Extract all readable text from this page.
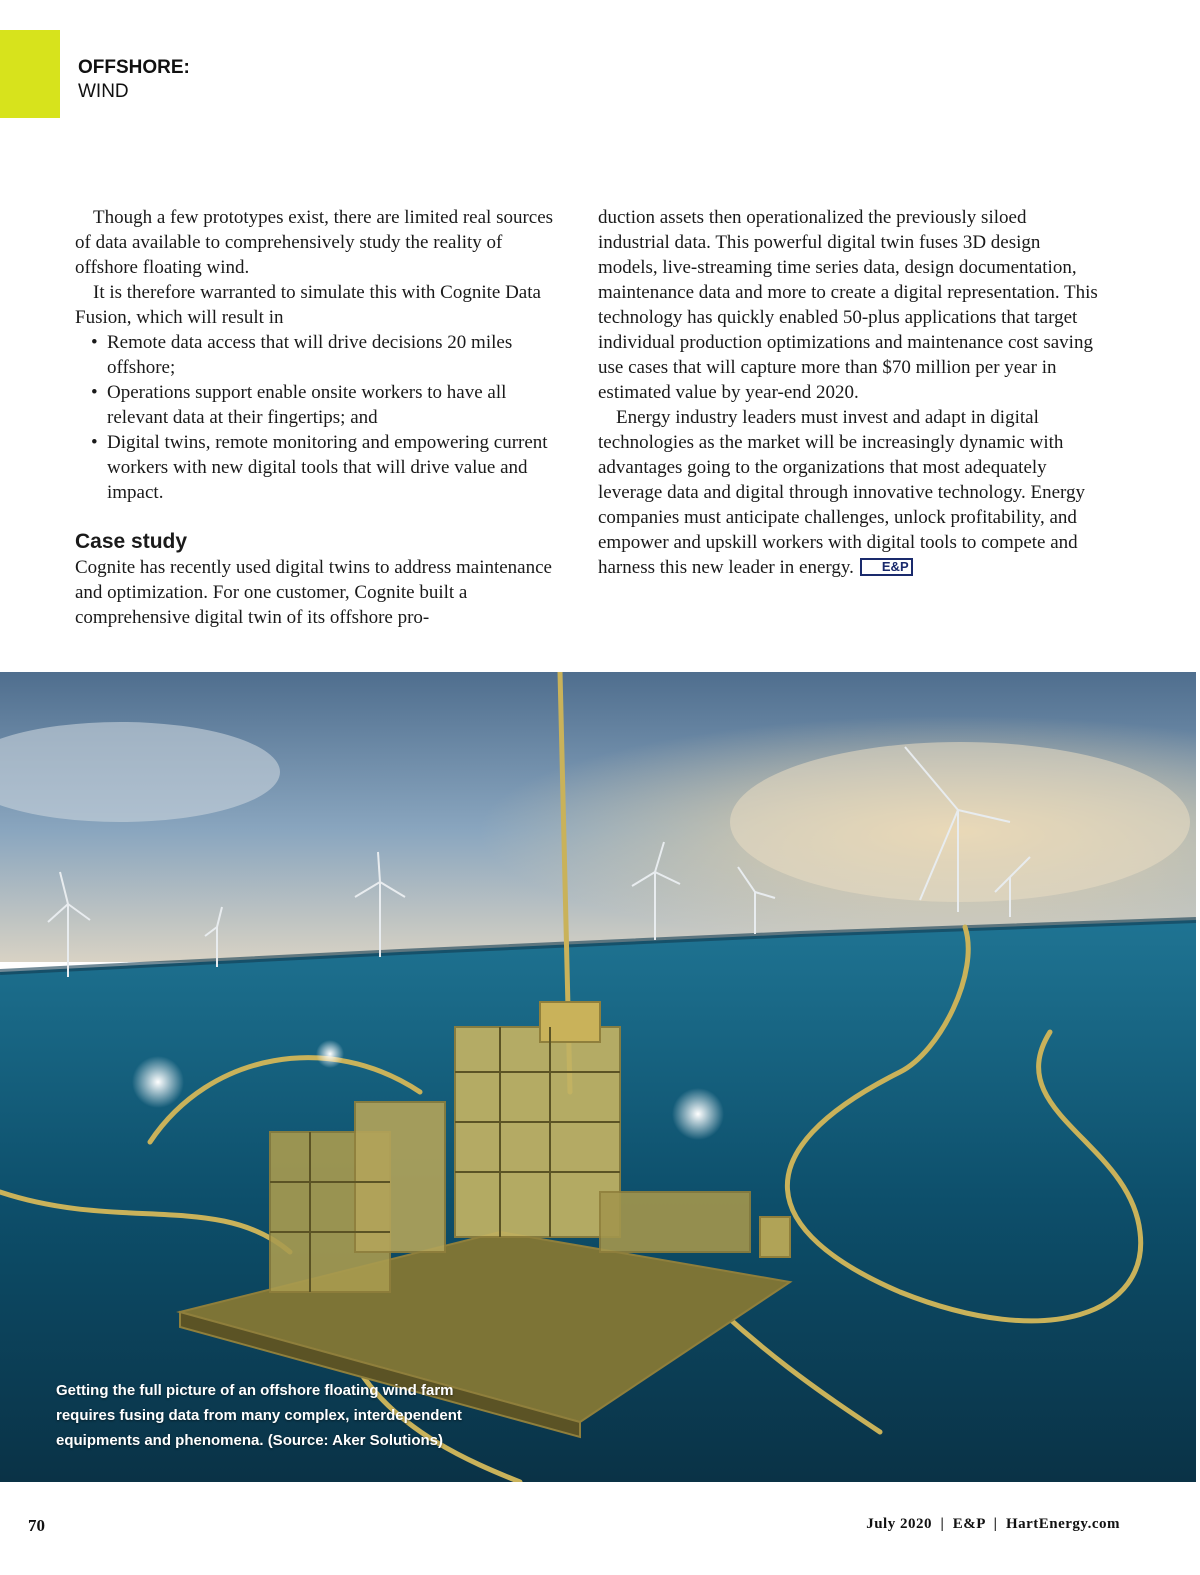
OFFSHORE:
WIND

Though a few prototypes exist, there are limited real sources of data available to comprehensively study the reality of offshore floating wind.

It is therefore warranted to simulate this with Cognite Data Fusion, which will result in

• Remote data access that will drive decisions 20 miles offshore;
• Operations support enable onsite workers to have all relevant data at their fingertips; and
• Digital twins, remote monitoring and empowering current workers with new digital tools that will drive value and impact.

Case study

Cognite has recently used digital twins to address maintenance and optimization. For one customer, Cognite built a comprehensive digital twin of its offshore pro-

duction assets then operationalized the previously siloed industrial data. This powerful digital twin fuses 3D design models, live-streaming time series data, design documentation, maintenance data and more to create a digital representation. This technology has quickly enabled 50-plus applications that target individual production optimizations and maintenance cost saving use cases that will capture more than $70 million per year in estimated value by year-end 2020.

Energy industry leaders must invest and adapt in digital technologies as the market will be increasingly dynamic with advantages going to the organizations that most adequately leverage data and digital through innovative technology. Energy companies must anticipate challenges, unlock profitability, and empower and upskill workers with digital tools to compete and harness this new leader in energy. E&P

Getting the full picture of an offshore floating wind farm requires fusing data from many complex, interdependent equipments and phenomena. (Source: Aker Solutions)
70	July 2020  |  E&P  |  HartEnergy.com
